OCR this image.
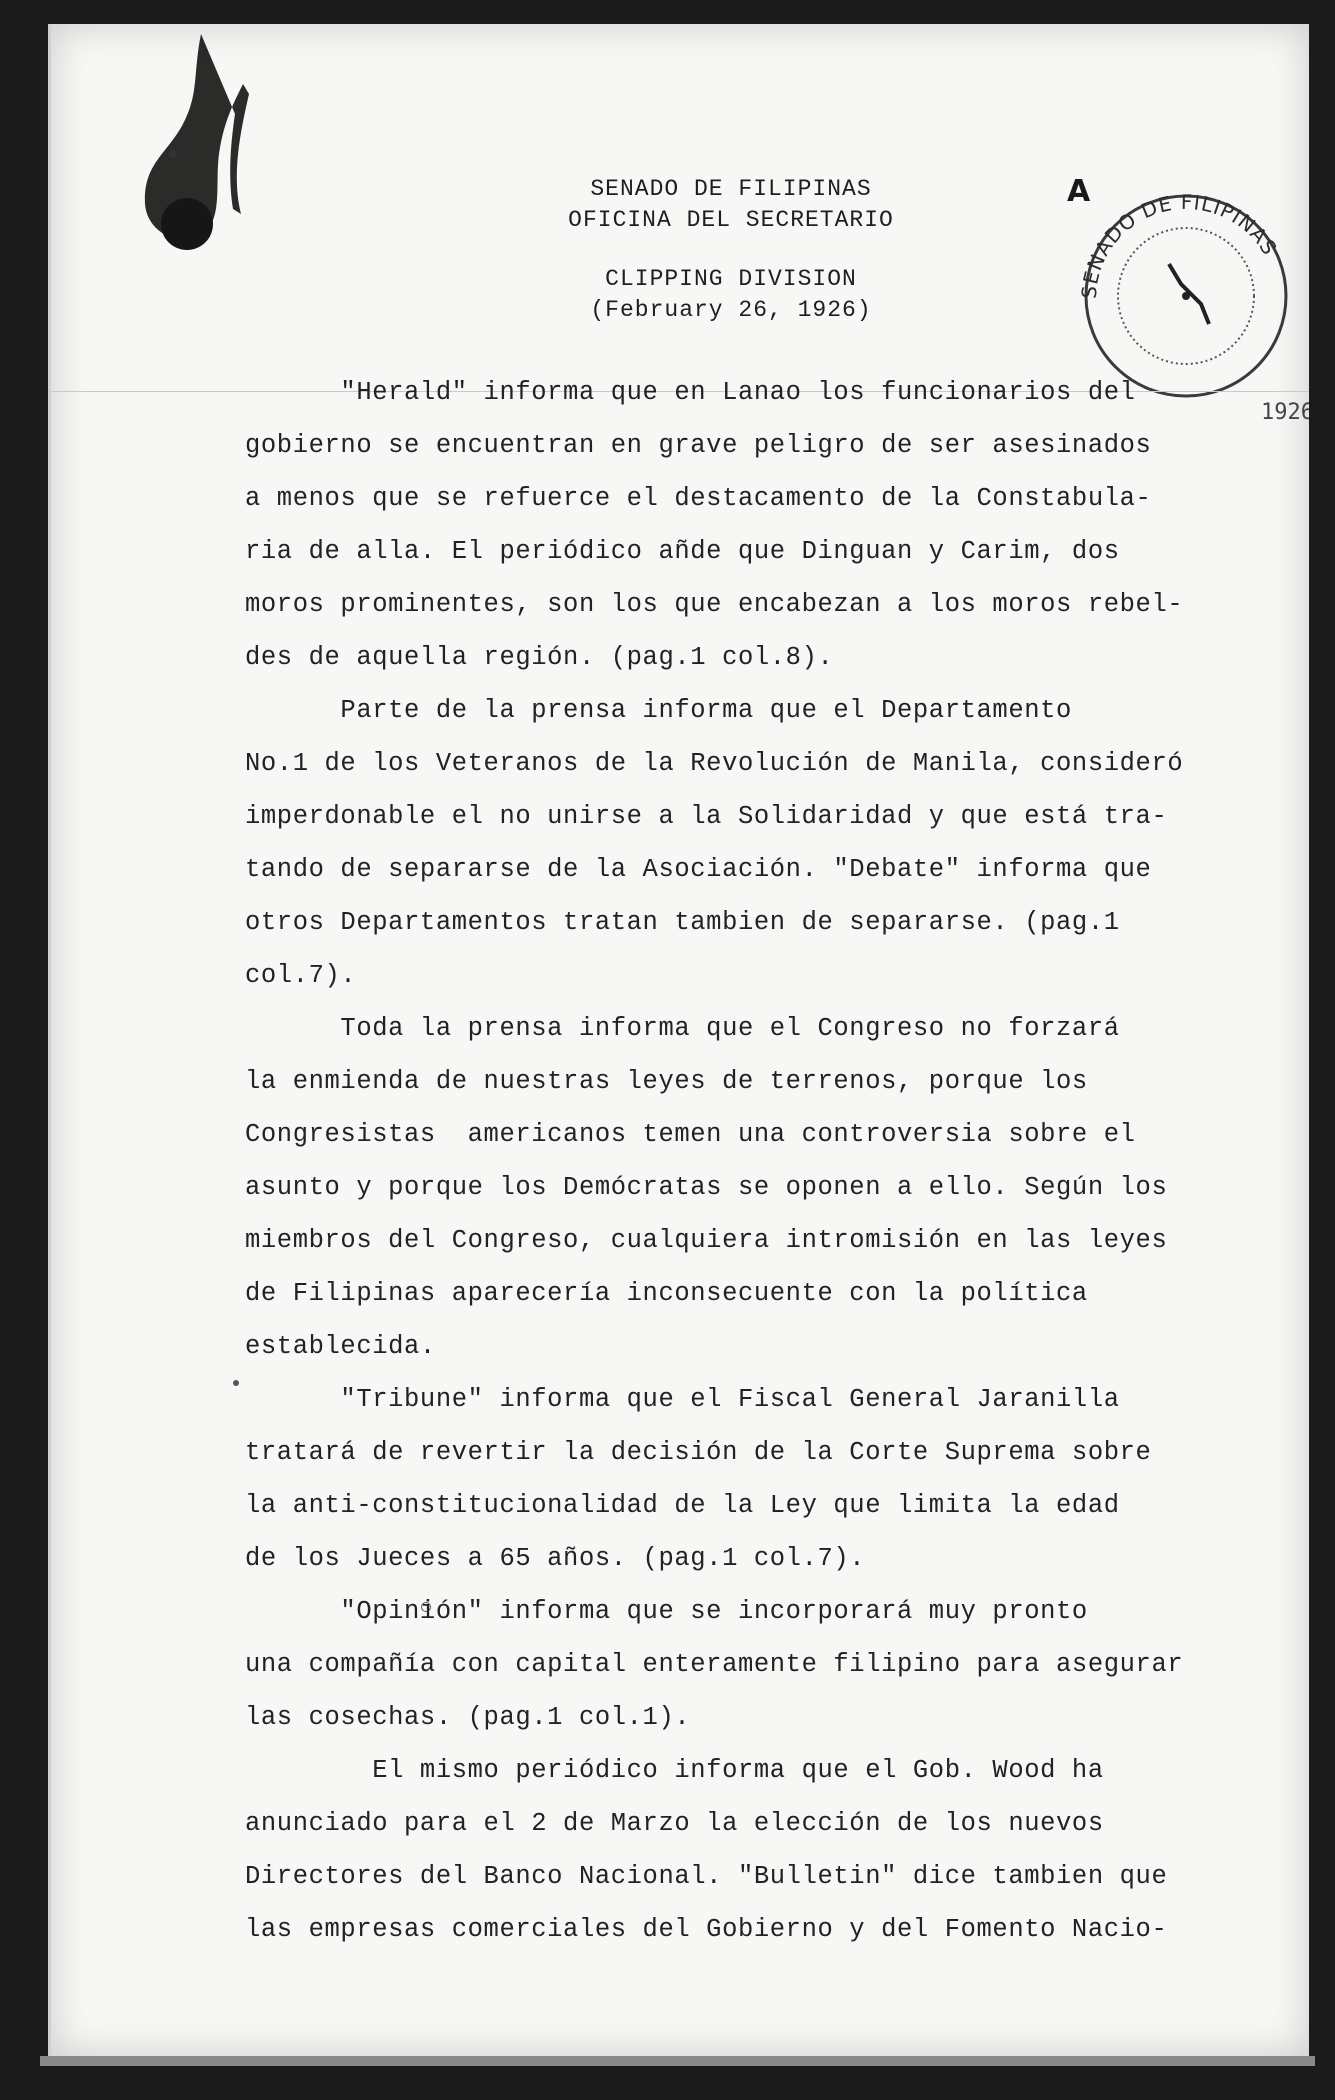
SENADO DE FILIPINAS
OFICINA DEL SECRETARIO
CLIPPING DIVISION
(February 26, 1926)
A
SENADO DE FILIPINAS
1926

"Herald" informa que en Lanao los funcionarios del

gobierno se encuentran en grave peligro de ser asesinados

a menos que se refuerce el destacamento de la Constabula-

ria de alla. El periódico añde que Dinguan y Carim, dos

moros prominentes, son los que encabezan a los moros rebel-

des de aquella región. (pag.1 col.8).

Parte de la prensa informa que el Departamento

No.1 de los Veteranos de la Revolución de Manila, consideró

imperdonable el no unirse a la Solidaridad y que está tra-

tando de separarse de la Asociación. "Debate" informa que

otros Departamentos tratan tambien de separarse. (pag.1

col.7).

Toda la prensa informa que el Congreso no forzará

la enmienda de nuestras leyes de terrenos, porque los

Congresistas  americanos temen una controversia sobre el

asunto y porque los Demócratas se oponen a ello. Según los

miembros del Congreso, cualquiera intromisión en las leyes

de Filipinas aparecería inconsecuente con la política

establecida.

"Tribune" informa que el Fiscal General Jaranilla

tratará de revertir la decisión de la Corte Suprema sobre

la anti-constitucionalidad de la Ley que limita la edad

de los Jueces a 65 años. (pag.1 col.7).

"Opinión" informa que se incorporará muy pronto

una compañía con capital enteramente filipino para asegurar

las cosechas. (pag.1 col.1).

El mismo periódico informa que el Gob. Wood ha

anunciado para el 2 de Marzo la elección de los nuevos

Directores del Banco Nacional. "Bulletin" dice tambien que

las empresas comerciales del Gobierno y del Fomento Nacio-
